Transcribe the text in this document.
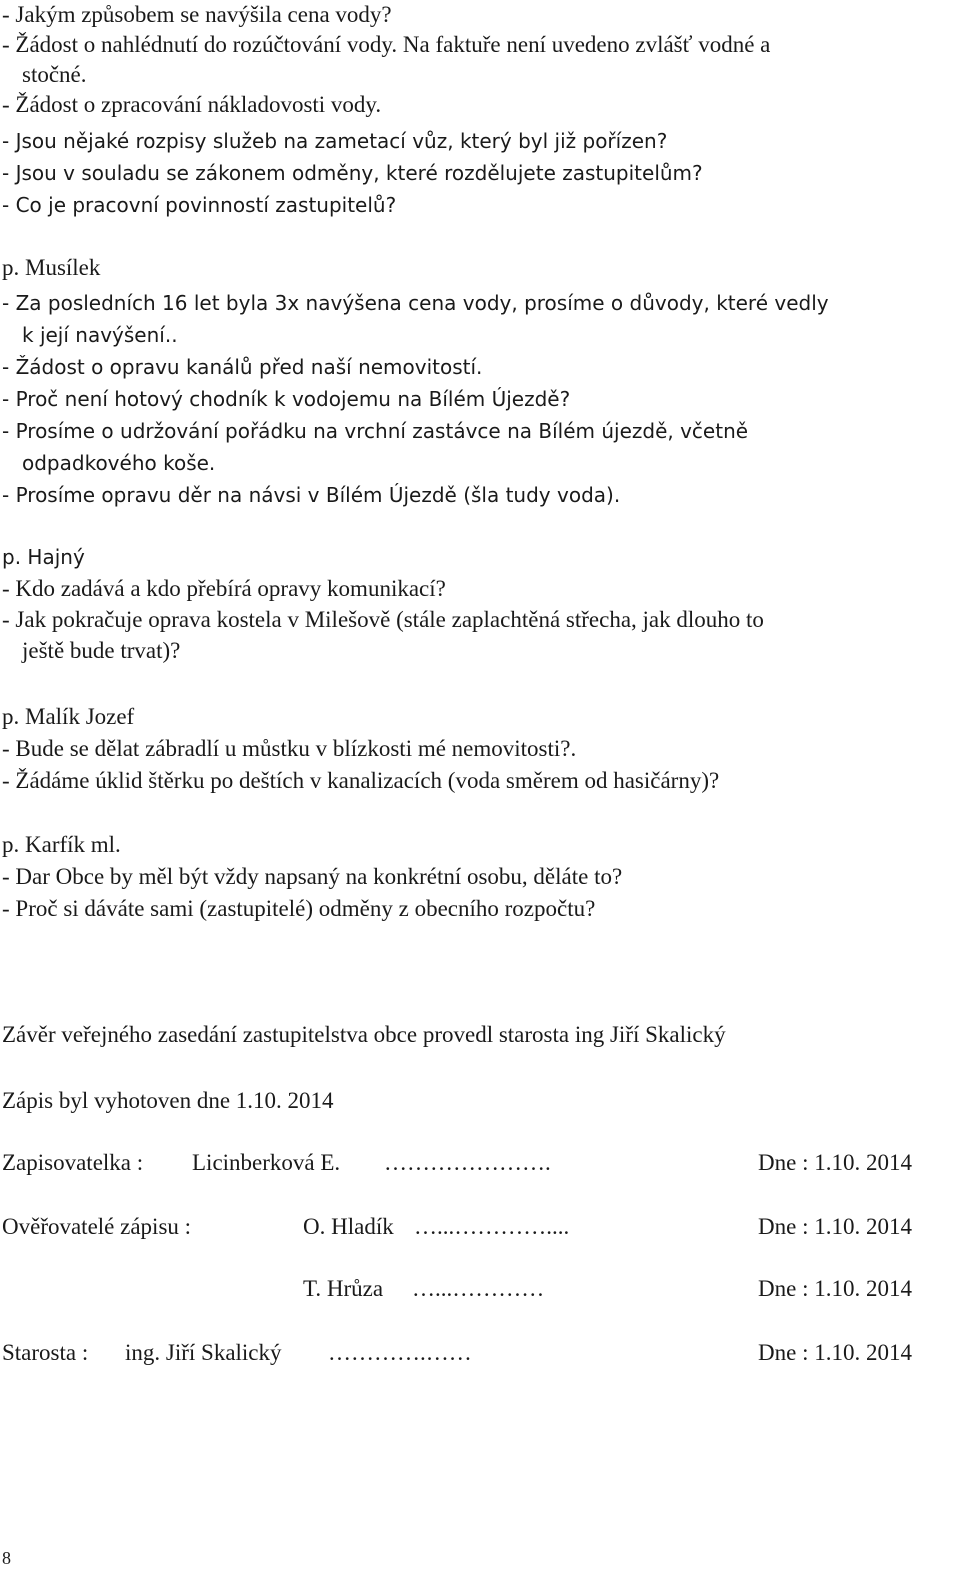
- Jakým způsobem se navýšila cena vody?
- Žádost o nahlédnutí do rozúčtování vody. Na faktuře není uvedeno zvlášť vodné a
stočné.
- Žádost o zpracování nákladovosti vody.
- Jsou nějaké rozpisy služeb na zametací vůz, který byl již pořízen?
- Jsou v souladu se zákonem odměny, které rozdělujete zastupitelům?
- Co je pracovní povinností zastupitelů?
p. Musílek
- Za posledních 16 let byla 3x navýšena cena vody, prosíme o důvody, které vedly
k její navýšení..
- Žádost o opravu kanálů před naší nemovitostí.
- Proč není hotový chodník k vodojemu na Bílém Újezdě?
- Prosíme o udržování pořádku na vrchní zastávce na Bílém újezdě, včetně
odpadkového koše.
- Prosíme opravu děr na návsi v Bílém Újezdě (šla tudy voda).
p. Hajný
- Kdo zadává a kdo přebírá opravy komunikací?
- Jak pokračuje oprava kostela v Milešově (stále zaplachtěná střecha, jak dlouho to
ještě bude trvat)?
p. Malík Jozef
- Bude se dělat zábradlí u můstku v blízkosti mé nemovitosti?.
- Žádáme úklid štěrku po deštích v kanalizacích (voda směrem od hasičárny)?
p. Karfík ml.
- Dar Obce by měl být vždy napsaný na konkrétní osobu, děláte to?
- Proč si dáváte sami (zastupitelé) odměny z obecního rozpočtu?
Závěr veřejného zasedání zastupitelstva obce provedl starosta ing Jiří Skalický
Zápis byl vyhotoven dne 1.10. 2014
Zapisovatelka : Licinberková E. ………………….	Dne : 1.10. 2014
Ověřovatelé zápisu :	O. Hladík …...…………....	Dne : 1.10. 2014
T. Hrůza …...…………	Dne : 1.10. 2014
Starosta : ing. Jiří Skalický ………….……	Dne : 1.10. 2014
8
